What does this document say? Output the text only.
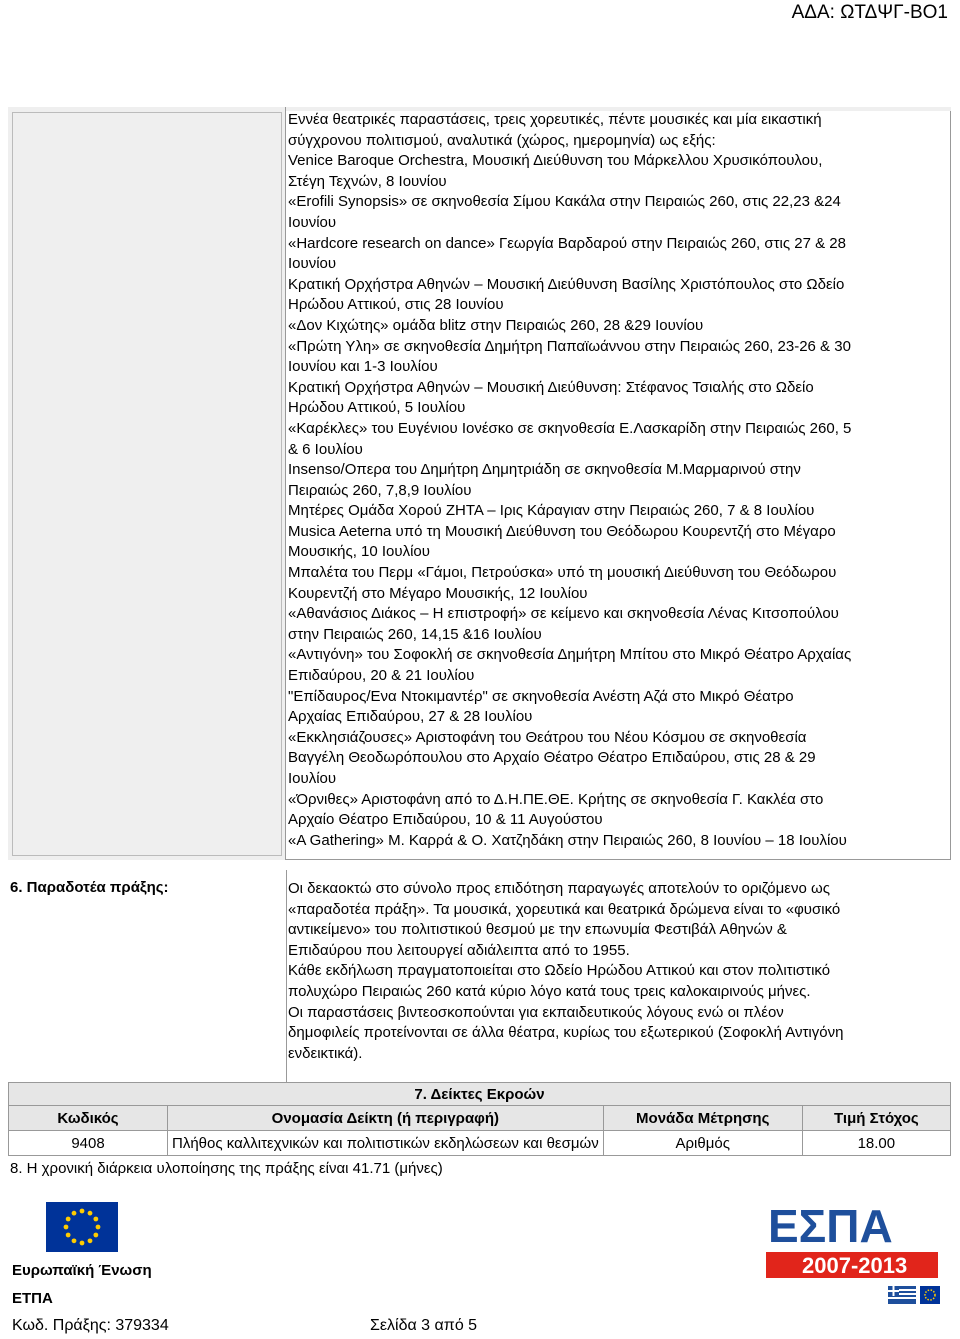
ΑΔΑ: ΩΤΔΨΓ-ΒΟ1
Εννέα θεατρικές παραστάσεις, τρεις χορευτικές, πέντε μουσικές και μία εικαστική
σύγχρονου πολιτισμού, αναλυτικά (χώρος, ημερομηνία) ως εξής:
Venice Baroque Orchestra, Μουσική Διεύθυνση του Μάρκελλου Χρυσικόπουλου,
Στέγη Τεχνών, 8 Ιουνίου
«Erofili Synopsis» σε σκηνοθεσία Σίμου Κακάλα στην Πειραιώς 260, στις 22,23 &24
Ιουνίου
«Hardcore research on dance» Γεωργία Βαρδαρού στην Πειραιώς 260, στις 27 & 28
Ιουνίου
Κρατική Ορχήστρα Αθηνών – Μουσική Διεύθυνση Βασίλης Χριστόπουλος στο Ωδείο
Ηρώδου Αττικού, στις 28 Ιουνίου
«Δον Κιχώτης» ομάδα blitz στην Πειραιώς 260, 28 &29 Ιουνίου
«Πρώτη Υλη» σε σκηνοθεσία Δημήτρη Παπαϊωάννου στην Πειραιώς 260, 23-26 & 30
Ιουνίου και 1-3 Ιουλίου
Κρατική Ορχήστρα Αθηνών – Μουσική Διεύθυνση: Στέφανος Τσιαλής στο Ωδείο
Ηρώδου Αττικού, 5 Ιουλίου
«Καρέκλες» του Ευγένιου Ιονέσκο σε σκηνοθεσία Ε.Λασκαρίδη στην Πειραιώς 260, 5
& 6 Ιουλίου
Insenso/Οπερα του Δημήτρη Δημητριάδη σε σκηνοθεσία Μ.Μαρμαρινού στην
Πειραιώς 260, 7,8,9 Ιουλίου
Μητέρες Ομάδα Χορού ΖΗΤΑ – Ιρις Κάραγιαν στην Πειραιώς 260, 7 & 8 Ιουλίου
Musica Aeterna υπό τη Μουσική Διεύθυνση του Θεόδωρου Κουρεντζή στο Μέγαρο
Μουσικής, 10 Ιουλίου
Μπαλέτα του Περμ «Γάμοι, Πετρούσκα» υπό τη μουσική Διεύθυνση του Θεόδωρου
Κουρεντζή στο Μέγαρο Μουσικής, 12 Ιουλίου
«Αθανάσιος Διάκος – Η επιστροφή» σε κείμενο και σκηνοθεσία Λένας Κιτσοπούλου
στην Πειραιώς 260, 14,15 &16 Ιουλίου
«Αντιγόνη» του Σοφοκλή σε σκηνοθεσία Δημήτρη Μπίτου στο Μικρό Θέατρο Αρχαίας
Επιδαύρου, 20 & 21 Ιουλίου
"Επίδαυρος/Ενα Ντοκιμαντέρ" σε σκηνοθεσία Ανέστη Αζά στο Μικρό Θέατρο
Αρχαίας Επιδαύρου, 27 & 28 Ιουλίου
«Εκκλησιάζουσες» Αριστοφάνη του Θεάτρου του Νέου Κόσμου σε σκηνοθεσία
Βαγγέλη Θεοδωρόπουλου στο Αρχαίο Θέατρο Θέατρο Επιδαύρου, στις 28 & 29
Ιουλίου
«Όρνιθες» Αριστοφάνη από το Δ.Η.ΠΕ.ΘΕ. Κρήτης σε σκηνοθεσία Γ. Κακλέα στο
Αρχαίο Θέατρο Επιδαύρου, 10 & 11 Αυγούστου
«A Gathering» Μ. Καρρά & Ο. Χατζηδάκη στην Πειραιώς 260, 8 Ιουνίου – 18 Ιουλίου
6. Παραδοτέα πράξης:	Οι δεκαοκτώ στο σύνολο προς επιδότηση παραγωγές αποτελούν το οριζόμενο ως
«παραδοτέα πράξη». Τα μουσικά, χορευτικά και θεατρικά δρώμενα είναι το «φυσικό
αντικείμενο» του πολιτιστικού θεσμού με την επωνυμία Φεστιβάλ Αθηνών &
Επιδαύρου που λειτουργεί αδιάλειπτα από το 1955.
Κάθε εκδήλωση πραγματοποιείται στο Ωδείο Ηρώδου Αττικού και στον πολιτιστικό
πολυχώρο Πειραιώς 260 κατά κύριο λόγο κατά τους τρεις καλοκαιρινούς μήνες.
Οι παραστάσεις βιντεοσκοπούνται για εκπαιδευτικούς λόγους ενώ οι πλέον
δημοφιλείς προτείνονται σε άλλα θέατρα, κυρίως του εξωτερικού (Σοφοκλή Αντιγόνη
ενδεικτικά).
7. Δείκτες Εκροών			
Κωδικός	Ονομασία Δείκτη (ή περιγραφή)	Μονάδα Μέτρησης	Τιμή Στόχος
9408	Πλήθος καλλιτεχνικών και πολιτιστικών εκδηλώσεων και θεσμών	Αριθμός	18.00
8. Η χρονική διάρκεια υλοποίησης της πράξης είναι 41.71 (μήνες)
Ευρωπαϊκή Ένωση
ΕΤΠΑ
ΕΣΠΑ
2007-2013
Κωδ. Πράξης: 379334	Σελίδα 3 από 5
